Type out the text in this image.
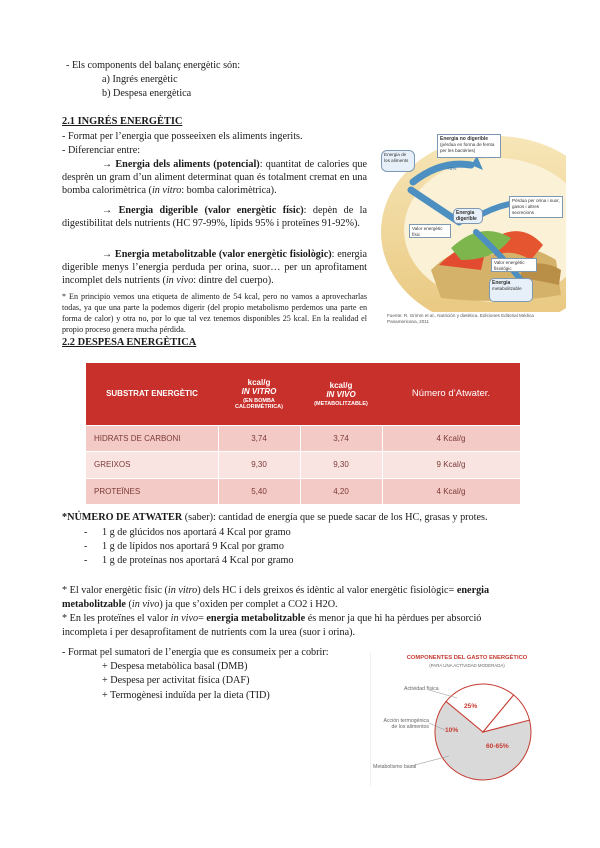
- Els components del balanç energètic són:
a) Ingrés energètic
b) Despesa energètica
2.1 INGRÉS ENERGÈTIC
- Format per l’energia que posseeixen els aliments ingerits.
- Diferenciar entre:
→ Energia dels aliments (potencial): quantitat de calories que desprèn un gram d’un aliment determinat quan és totalment cremat en una bomba calorimètrica (in vitro: bomba calorimètrica).
→ Energia digerible (valor energètic físic): depèn de la digestibilitat dels nutrients (HC 97-99%, lípids 95% i proteïnes 91-92%).
→ Energia metabolitzable (valor energètic fisiològic): energia digerible menys l’energia perduda per orina, suor… per un aprofitament incomplet dels nutrients (in vivo: dintre del cuerpo).
* En principio vemos una etiqueta de alimento de 54 kcal, pero no vamos a aprovecharlas todas, ya que una parte la podemos digerir (del propio metabolismo perdemos una parte en forma de calor) y otra no, por lo que tal vez tenemos disponibles 25 kcal. En la realidad el propio proceso genera mucha pérdida.
Energia no digerible
(pèrdua en forma de femta per les bactèries)
Energia de
los aliments
+5%
Pèrdua per orina i suor, gasos i altres secrecions
Energia
digerible
Valor energètic físic
Energia
metabolitzable
Valor energètic fisiològic
Fuente: R. Grimm et al., Nutrición y dietética. Ediciones Editorial Médica Panamericana, 2011
2.2 DESPESA ENERGÈTICA
SUBSTRAT ENERGÈTIC	kcal/g
IN VITRO
(EN BOMBA CALORIMÈTRICA)	kcal/g
IN VIVO
(METABOLITZABLE)	Número d’Atwater.
HIDRATS DE CARBONI	3,74	3,74	4 Kcal/g
GREIXOS	9,30	9,30	9 Kcal/g
PROTEÏNES	5,40	4,20	4 Kcal/g
*NÚMERO DE ATWATER (saber): cantidad de energía que se puede sacar de los HC, grasas y protes.
- 1 g de glúcidos nos aportará 4 Kcal por gramo
- 1 g de lípidos nos aportará 9 Kcal por gramo
- 1 g de proteínas nos aportará 4 Kcal por gramo
* El valor energètic físic (in vitro) dels HC i dels greixos és idèntic al valor energètic fisiològic= energia
metabolitzable (in vivo) ja que s’oxiden per complet a CO2 i H2O.
* En les proteïnes el valor in vivo= energia metabolitzable és menor ja que hi ha pèrdues per absorció
incompleta i per desaprofitament de nutrients com la urea (suor i orina).
- Format pel sumatori de l’energia que es consumeix per a cobrir:
+ Despesa metabòlica basal (DMB)
+ Despesa per activitat física (DAF)
+ Termogènesi induïda per la dieta (TID)
COMPONENTES DEL GASTO ENERGÉTICO
(PARA UNA ACTIVIDAD MODERADA)
Actividad física
Acción termogénica
de los alimentos
Metabolismo basal
25%
10%
60-65%
